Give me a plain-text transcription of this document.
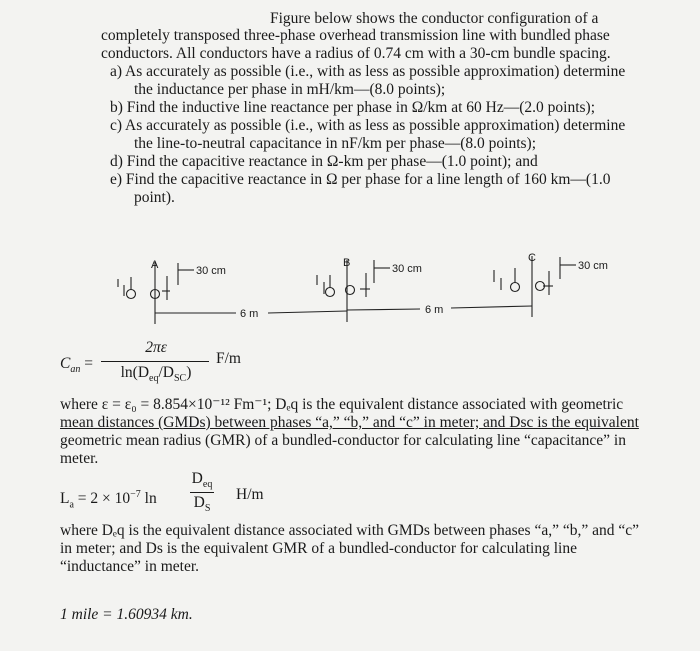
Figure below shows the conductor configuration of a
completely transposed three-phase overhead transmission line with bundled phase
conductors. All conductors have a radius of 0.74 cm with a 30-cm bundle spacing.
a) As accurately as possible (i.e., with as less as possible approximation) determine
the inductance per phase in mH/km—(8.0 points);
b) Find the inductive line reactance per phase in Ω/km at 60 Hz—(2.0 points);
c) As accurately as possible (i.e., with as less as possible approximation) determine
the line-to-neutral capacitance in nF/km per phase—(8.0 points);
d) Find the capacitive reactance in Ω-km per phase—(1.0 point); and
e) Find the capacitive reactance in Ω per phase for a line length of 160 km—(1.0
point).
A	B	C
30 cm	30 cm	30 cm
6 m	6 m
$C_{an}$ =
2πε
$\ln(D_{eq}/D_{SC})$
F/m
where ε = ε₀ = 8.854×10⁻¹² Fm⁻¹; Dₑq is the equivalent distance associated with geometric
mean distances (GMDs) between phases “a,” “b,” and “c” in meter; and Dsc is the equivalent
geometric mean radius (GMR) of a bundled-conductor for calculating line “capacitance” in
meter.
$L_a = 2 \times 10^{-7}$ ln
$D_{eq}$
$D_S$
H/m
where Dₑq is the equivalent distance associated with GMDs between phases “a,” “b,” and “c”
in meter; and Ds is the equivalent GMR of a bundled-conductor for calculating line
“inductance” in meter.
1 mile = 1.60934 km.
